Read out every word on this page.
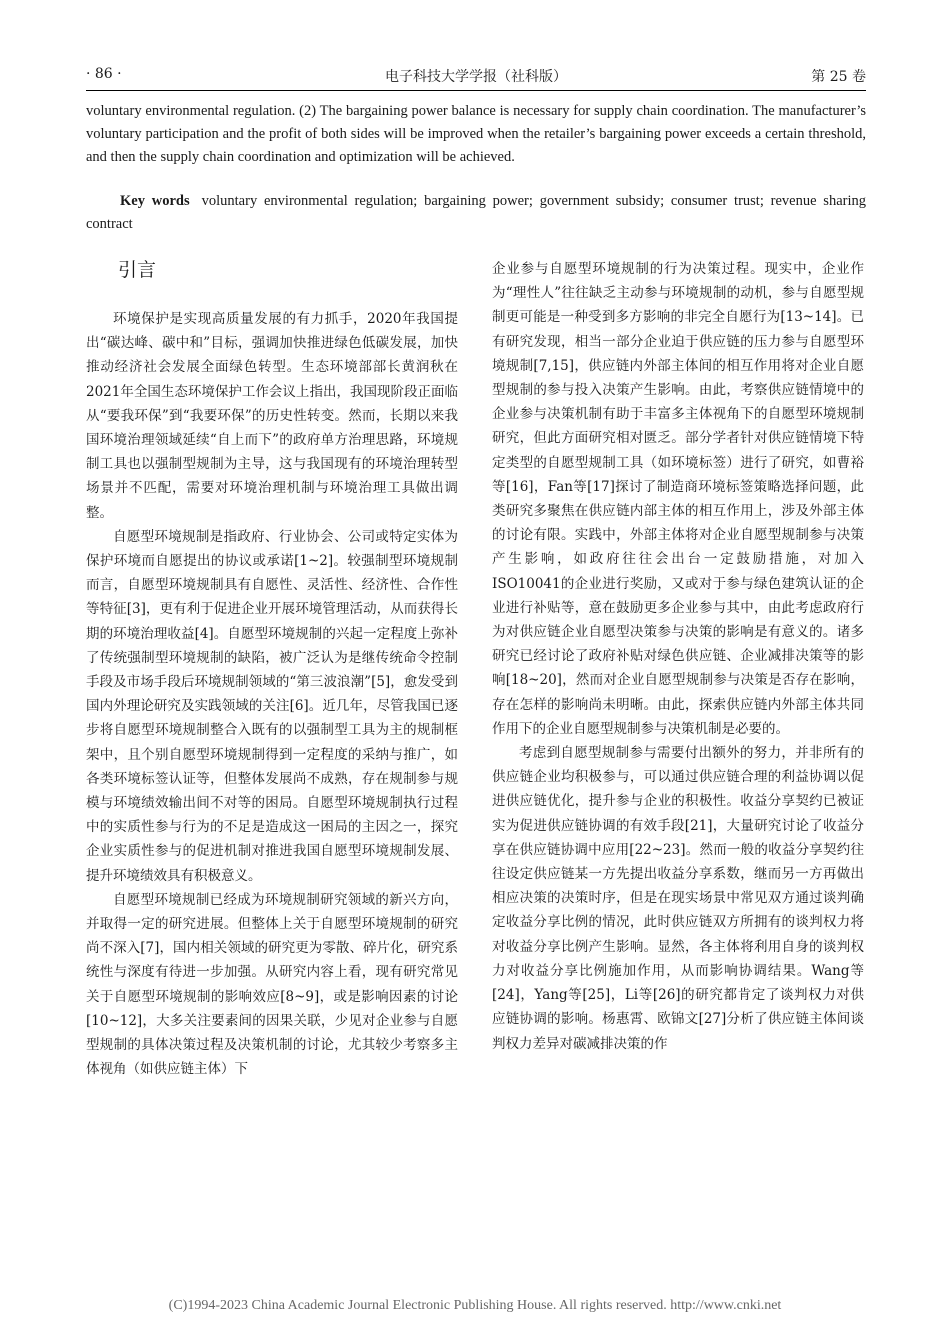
· 86 ·	电子科技大学学报（社科版）	第 25 卷
voluntary environmental regulation. (2) The bargaining power balance is necessary for supply chain coordination. The manufacturer’s voluntary participation and the profit of both sides will be improved when the retailer’s bargaining power exceeds a certain threshold, and then the supply chain coordination and optimization will be achieved.
Key words voluntary environmental regulation; bargaining power; government subsidy; consumer trust; revenue sharing contract
引言

环境保护是实现高质量发展的有力抓手，2020年我国提出“碳达峰、碳中和”目标，强调加快推进绿色低碳发展，加快推动经济社会发展全面绿色转型。生态环境部部长黄润秋在2021年全国生态环境保护工作会议上指出，我国现阶段正面临从“要我环保”到“我要环保”的历史性转变。然而，长期以来我国环境治理领域延续“自上而下”的政府单方治理思路，环境规制工具也以强制型规制为主导，这与我国现有的环境治理转型场景并不匹配，需要对环境治理机制与环境治理工具做出调整。

自愿型环境规制是指政府、行业协会、公司或特定实体为保护环境而自愿提出的协议或承诺[1~2]。较强制型环境规制而言，自愿型环境规制具有自愿性、灵活性、经济性、合作性等特征[3]，更有利于促进企业开展环境管理活动，从而获得长期的环境治理收益[4]。自愿型环境规制的兴起一定程度上弥补了传统强制型环境规制的缺陷，被广泛认为是继传统命令控制手段及市场手段后环境规制领域的“第三波浪潮”[5]，愈发受到国内外理论研究及实践领域的关注[6]。近几年，尽管我国已逐步将自愿型环境规制整合入既有的以强制型工具为主的规制框架中，且个别自愿型环境规制得到一定程度的采纳与推广，如各类环境标签认证等，但整体发展尚不成熟，存在规制参与规模与环境绩效输出间不对等的困局。自愿型环境规制执行过程中的实质性参与行为的不足是造成这一困局的主因之一，探究企业实质性参与的促进机制对推进我国自愿型环境规制发展、提升环境绩效具有积极意义。

自愿型环境规制已经成为环境规制研究领域的新兴方向，并取得一定的研究进展。但整体上关于自愿型环境规制的研究尚不深入[7]，国内相关领域的研究更为零散、碎片化，研究系统性与深度有待进一步加强。从研究内容上看，现有研究常见关于自愿型环境规制的影响效应[8~9]，或是影响因素的讨论[10~12]，大多关注要素间的因果关联，少见对企业参与自愿型规制的具体决策过程及决策机制的讨论，尤其较少考察多主体视角（如供应链主体）下

企业参与自愿型环境规制的行为决策过程。现实中，企业作为“理性人”往往缺乏主动参与环境规制的动机，参与自愿型规制更可能是一种受到多方影响的非完全自愿行为[13~14]。已有研究发现，相当一部分企业迫于供应链的压力参与自愿型环境规制[7,15]，供应链内外部主体间的相互作用将对企业自愿型规制的参与投入决策产生影响。由此，考察供应链情境中的企业参与决策机制有助于丰富多主体视角下的自愿型环境规制研究，但此方面研究相对匮乏。部分学者针对供应链情境下特定类型的自愿型规制工具（如环境标签）进行了研究，如曹裕等[16]，Fan等[17]探讨了制造商环境标签策略选择问题，此类研究多聚焦在供应链内部主体的相互作用上，涉及外部主体的讨论有限。实践中，外部主体将对企业自愿型规制参与决策产生影响，如政府往往会出台一定鼓励措施，对加入ISO10041的企业进行奖励，又或对于参与绿色建筑认证的企业进行补贴等，意在鼓励更多企业参与其中，由此考虑政府行为对供应链企业自愿型决策参与决策的影响是有意义的。诸多研究已经讨论了政府补贴对绿色供应链、企业减排决策等的影响[18~20]，然而对企业自愿型规制参与决策是否存在影响，存在怎样的影响尚未明晰。由此，探索供应链内外部主体共同作用下的企业自愿型规制参与决策机制是必要的。

考虑到自愿型规制参与需要付出额外的努力，并非所有的供应链企业均积极参与，可以通过供应链合理的利益协调以促进供应链优化，提升参与企业的积极性。收益分享契约已被证实为促进供应链协调的有效手段[21]，大量研究讨论了收益分享在供应链协调中应用[22~23]。然而一般的收益分享契约往往设定供应链某一方先提出收益分享系数，继而另一方再做出相应决策的决策时序，但是在现实场景中常见双方通过谈判确定收益分享比例的情况，此时供应链双方所拥有的谈判权力将对收益分享比例产生影响。显然，各主体将利用自身的谈判权力对收益分享比例施加作用，从而影响协调结果。Wang等[24]，Yang等[25]，Li等[26]的研究都肯定了谈判权力对供应链协调的影响。杨惠霄、欧锦文[27]分析了供应链主体间谈判权力差异对碳减排决策的作

(C)1994-2023 China Academic Journal Electronic Publishing House. All rights reserved. http://www.cnki.net
